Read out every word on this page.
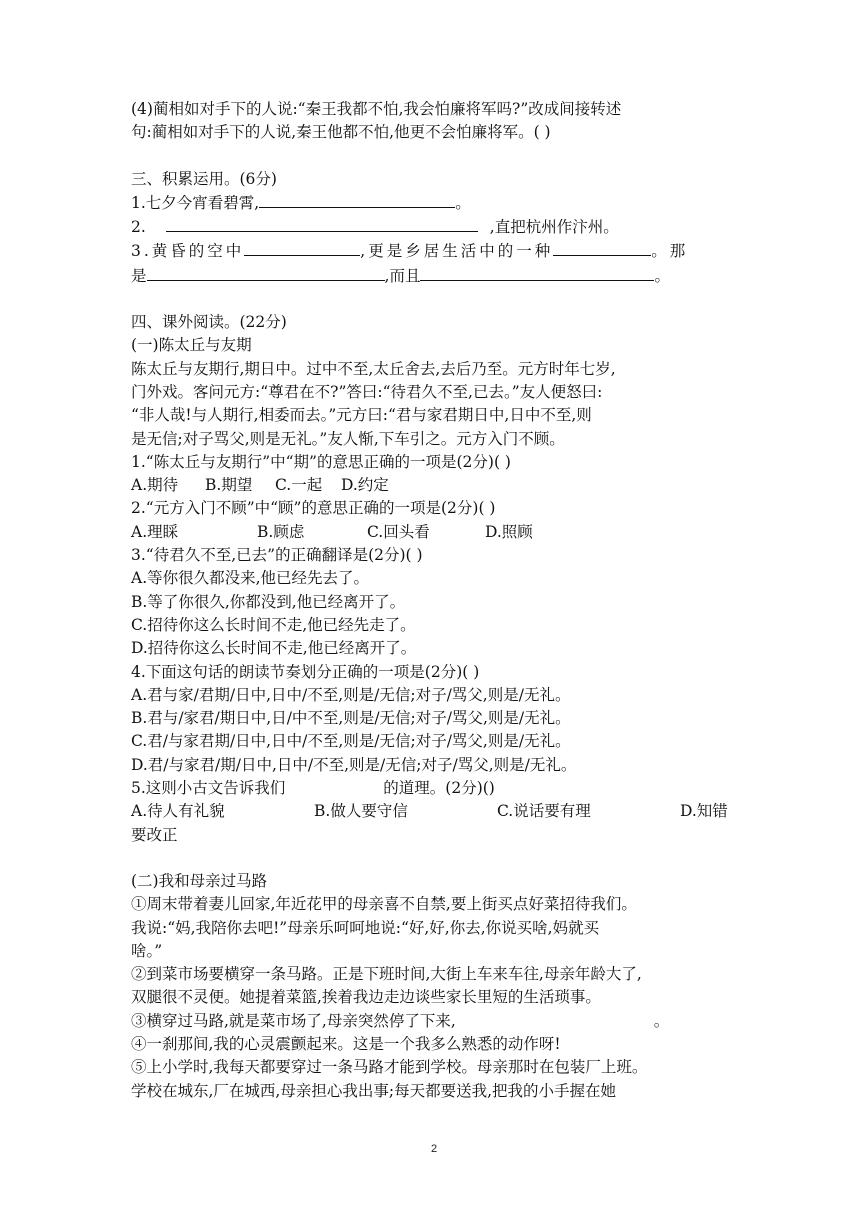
(4)蔺相如对手下的人说:“秦王我都不怕,我会怕廉将军吗?”改成间接转述
句:蔺相如对手下的人说,秦王他都不怕,他更不会怕廉将军。( )
三、积累运用。(6分)
1.七夕今宵看碧霄,	。
2.	,直把杭州作汴州。
3.黄昏的空中	,更是乡居生活中的一种	。那
是	,而且	。
四、课外阅读。(22分)
(一)陈太丘与友期
陈太丘与友期行,期日中。过中不至,太丘舍去,去后乃至。元方时年七岁,
门外戏。客问元方:“尊君在不?”答曰:“待君久不至,已去。”友人便怒曰:
“非人哉!与人期行,相委而去。”元方曰:“君与家君期日中,日中不至,则
是无信;对子骂父,则是无礼。”友人惭,下车引之。元方入门不顾。
1.“陈太丘与友期行”中“期”的意思正确的一项是(2分)( )
A.期待 B.期望 C.一起 D.约定
2.“元方入门不顾”中“顾”的意思正确的一项是(2分)( )
A.理睬	B.顾虑	C.回头看	D.照顾
3.“待君久不至,已去”的正确翻译是(2分)( )
A.等你很久都没来,他已经先去了。
B.等了你很久,你都没到,他已经离开了。
C.招待你这么长时间不走,他已经先走了。
D.招待你这么长时间不走,他已经离开了。
4.下面这句话的朗读节奏划分正确的一项是(2分)( )
A.君与家/君期/日中,日中/不至,则是/无信;对子/骂父,则是/无礼。
B.君与/家君/期日中,日/中不至,则是/无信;对子/骂父,则是/无礼。
C.君/与家君期/日中,日中/不至,则是/无信;对子/骂父,则是/无礼。
D.君/与家君/期/日中,日中/不至,则是/无信;对子/骂父,则是/无礼。
5.这则小古文告诉我们	的道理。(2分)()
A.待人有礼貌	B.做人要守信	C.说话要有理	D.知错
要改正
(二)我和母亲过马路
①周末带着妻儿回家,年近花甲的母亲喜不自禁,要上街买点好菜招待我们。
我说:“妈,我陪你去吧!”母亲乐呵呵地说:“好,好,你去,你说买啥,妈就买
啥。”
②到菜市场要横穿一条马路。正是下班时间,大街上车来车往,母亲年龄大了,
双腿很不灵便。她提着菜篮,挨着我边走边谈些家长里短的生活琐事。
③横穿过马路,就是菜市场了,母亲突然停了下来,	。
④一刹那间,我的心灵震颤起来。这是一个我多么熟悉的动作呀!
⑤上小学时,我每天都要穿过一条马路才能到学校。母亲那时在包装厂上班。
学校在城东,厂在城西,母亲担心我出事;每天都要送我,把我的小手握在她
2
